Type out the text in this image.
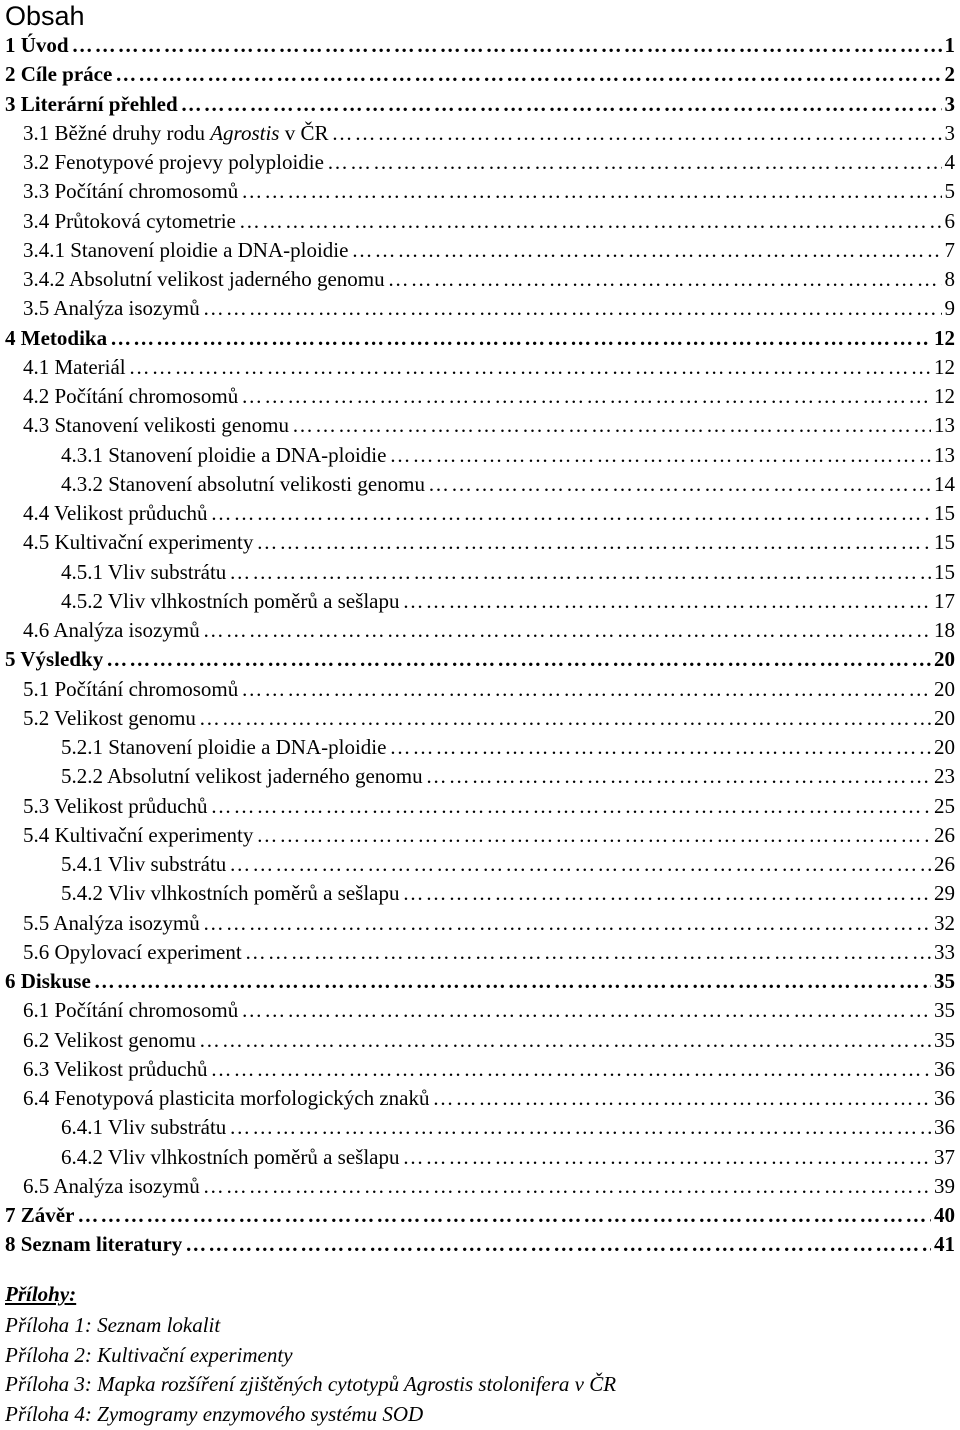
Obsah
1 Úvod …………………………………………………………………………………………………………………………………………………………………………………………………………………………………………………………	1
2 Cíle práce …………………………………………………………………………………………………………………………………………………………………………………………………………………………………………………………	2
3 Literární přehled …………………………………………………………………………………………………………………………………………………………………………………………………………………………………………………………	3
3.1 Běžné druhy rodu Agrostis v ČR …………………………………………………………………………………………………………………………………………………………………………………………………………………………………………………………	3
3.2 Fenotypové projevy polyploidie …………………………………………………………………………………………………………………………………………………………………………………………………………………………………………………………	4
3.3 Počítání chromosomů …………………………………………………………………………………………………………………………………………………………………………………………………………………………………………………………	5
3.4 Průtoková cytometrie …………………………………………………………………………………………………………………………………………………………………………………………………………………………………………………………	6
3.4.1 Stanovení ploidie a DNA-ploidie …………………………………………………………………………………………………………………………………………………………………………………………………………………………………………………………	7
3.4.2 Absolutní velikost jaderného genomu …………………………………………………………………………………………………………………………………………………………………………………………………………………………………………………………	8
3.5 Analýza isozymů …………………………………………………………………………………………………………………………………………………………………………………………………………………………………………………………	9
4 Metodika …………………………………………………………………………………………………………………………………………………………………………………………………………………………………………………………	12
4.1 Materiál …………………………………………………………………………………………………………………………………………………………………………………………………………………………………………………………	12
4.2 Počítání chromosomů …………………………………………………………………………………………………………………………………………………………………………………………………………………………………………………………	12
4.3 Stanovení velikosti genomu …………………………………………………………………………………………………………………………………………………………………………………………………………………………………………………………	13
4.3.1 Stanovení ploidie a DNA-ploidie …………………………………………………………………………………………………………………………………………………………………………………………………………………………………………………………	13
4.3.2 Stanovení absolutní velikosti genomu …………………………………………………………………………………………………………………………………………………………………………………………………………………………………………………………	14
4.4 Velikost průduchů …………………………………………………………………………………………………………………………………………………………………………………………………………………………………………………………	15
4.5 Kultivační experimenty …………………………………………………………………………………………………………………………………………………………………………………………………………………………………………………………	15
4.5.1 Vliv substrátu …………………………………………………………………………………………………………………………………………………………………………………………………………………………………………………………	15
4.5.2 Vliv vlhkostních poměrů a sešlapu …………………………………………………………………………………………………………………………………………………………………………………………………………………………………………………………	17
4.6 Analýza isozymů …………………………………………………………………………………………………………………………………………………………………………………………………………………………………………………………	18
5 Výsledky …………………………………………………………………………………………………………………………………………………………………………………………………………………………………………………………	20
5.1 Počítání chromosomů …………………………………………………………………………………………………………………………………………………………………………………………………………………………………………………………	20
5.2 Velikost genomu …………………………………………………………………………………………………………………………………………………………………………………………………………………………………………………………	20
5.2.1 Stanovení ploidie a DNA-ploidie …………………………………………………………………………………………………………………………………………………………………………………………………………………………………………………………	20
5.2.2 Absolutní velikost jaderného genomu …………………………………………………………………………………………………………………………………………………………………………………………………………………………………………………………	23
5.3 Velikost průduchů …………………………………………………………………………………………………………………………………………………………………………………………………………………………………………………………	25
5.4 Kultivační experimenty …………………………………………………………………………………………………………………………………………………………………………………………………………………………………………………………	26
5.4.1 Vliv substrátu …………………………………………………………………………………………………………………………………………………………………………………………………………………………………………………………	26
5.4.2 Vliv vlhkostních poměrů a sešlapu …………………………………………………………………………………………………………………………………………………………………………………………………………………………………………………………	29
5.5 Analýza isozymů …………………………………………………………………………………………………………………………………………………………………………………………………………………………………………………………	32
5.6 Opylovací experiment …………………………………………………………………………………………………………………………………………………………………………………………………………………………………………………………	33
6 Diskuse …………………………………………………………………………………………………………………………………………………………………………………………………………………………………………………………	35
6.1 Počítání chromosomů …………………………………………………………………………………………………………………………………………………………………………………………………………………………………………………………	35
6.2 Velikost genomu …………………………………………………………………………………………………………………………………………………………………………………………………………………………………………………………	35
6.3 Velikost průduchů …………………………………………………………………………………………………………………………………………………………………………………………………………………………………………………………	36
6.4 Fenotypová plasticita morfologických znaků …………………………………………………………………………………………………………………………………………………………………………………………………………………………………………………………	36
6.4.1 Vliv substrátu …………………………………………………………………………………………………………………………………………………………………………………………………………………………………………………………	36
6.4.2 Vliv vlhkostních poměrů a sešlapu …………………………………………………………………………………………………………………………………………………………………………………………………………………………………………………………	37
6.5 Analýza isozymů …………………………………………………………………………………………………………………………………………………………………………………………………………………………………………………………	39
7 Závěr …………………………………………………………………………………………………………………………………………………………………………………………………………………………………………………………	40
8 Seznam literatury …………………………………………………………………………………………………………………………………………………………………………………………………………………………………………………………	41
Přílohy:
Příloha 1: Seznam lokalit
Příloha 2: Kultivační experimenty
Příloha 3: Mapka rozšíření zjištěných cytotypů Agrostis stolonifera v ČR
Příloha 4: Zymogramy enzymového systému SOD
